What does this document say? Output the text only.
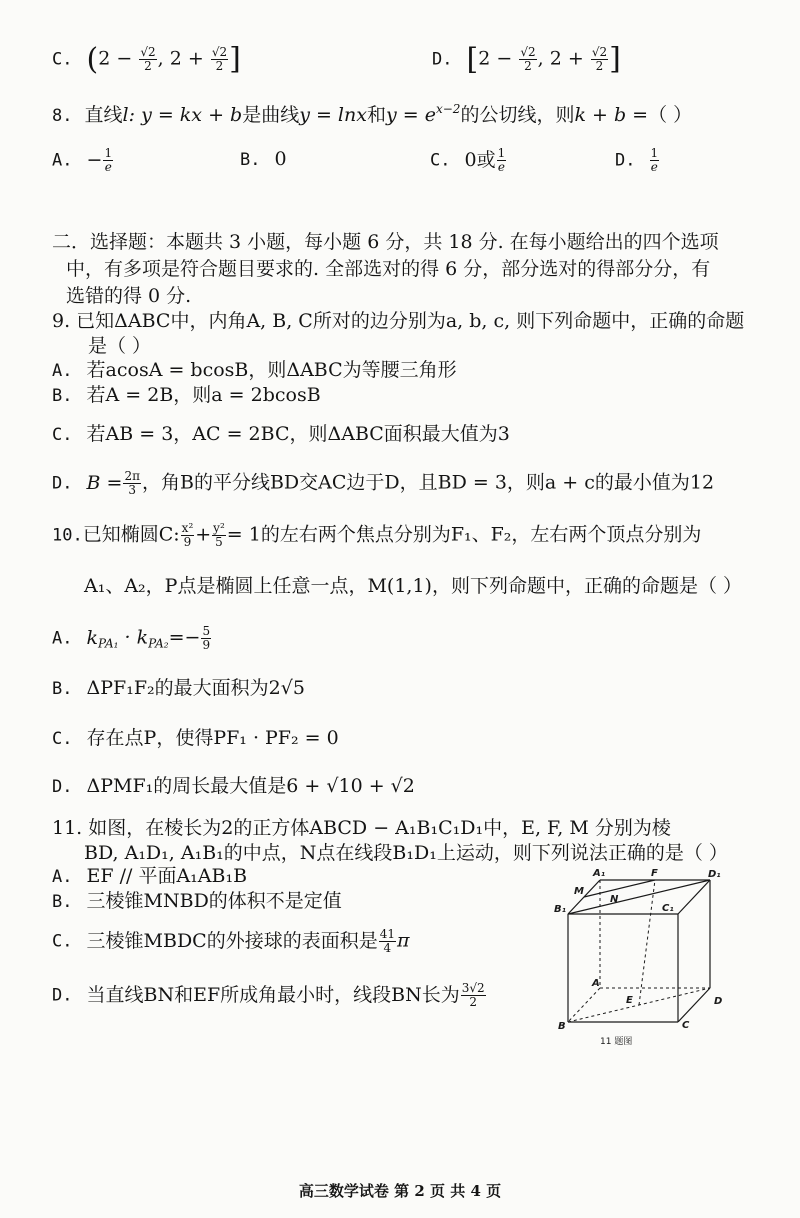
C. ($2 - \frac{√2}{2}$ , $2 + \frac{√2}{2}$ ]	D. [$2 - \frac{√2}{2}$ , $2 + \frac{√2}{2}$ ]
8. 直线l: y = kx + b是曲线y = lnx和$y = e^{x-2}$的公切线，则k + b =（ ）
A. − $\frac{1}{e}$	B. 0	C. 0或 $\frac{1}{e}$	D. $\frac{1}{e}$
二．选择题：本题共 3 小题，每小题 6 分，共 18 分. 在每小题给出的四个选项
中，有多项是符合题目要求的. 全部选对的得 6 分，部分选对的得部分分，有
选错的得 0 分.
9. 已知ΔABC中，内角A, B, C所对的边分别为a, b, c, 则下列命题中，正确的命题
是（ ）
A. 若acosA = bcosB，则ΔABC为等腰三角形
B. 若A = 2B，则a = 2bcosB
C. 若AB = 3，AC = 2BC，则ΔABC面积最大值为3
D. $B = \frac{2\pi}{3}$ ，角B的平分线BD交AC边于D，且BD = 3，则a + c的最小值为12
10.已知椭圆C: $\frac{\text{x²}}{9} + \frac{\text{y²}}{5} = 1$的左右两个焦点分别为F₁、F₂，左右两个顶点分别为
A₁、A₂，P点是椭圆上任意一点，M(1,1)，则下列命题中，正确的命题是（ ）
A. $k_{PA_1} \cdot k_{PA_2}=- \frac{5}{9}$
B. ΔPF₁F₂的最大面积为2√5
C. 存在点P，使得PF₁ · PF₂ = 0
D. ΔPMF₁的周长最大值是6 + √10 + √2
11. 如图，在棱长为2的正方体ABCD − A₁B₁C₁D₁中，E, F, M 分别为棱
BD, A₁D₁, A₁B₁的中点，N点在线段B₁D₁上运动，则下列说法正确的是（ ）
A. EF // 平面A₁AB₁B
B. 三棱锥MNBD的体积不是定值
C. 三棱锥MBDC的外接球的表面积是 $\frac{41}{4}$ π
D. 当直线BN和EF所成角最小时，线段BN长为 $\frac{3√2}{2}$
A₁	F	D₁
M
N
B₁	C₁
A
E	D
B	C
11 题图
高三数学试卷 第 2 页 共 4 页
